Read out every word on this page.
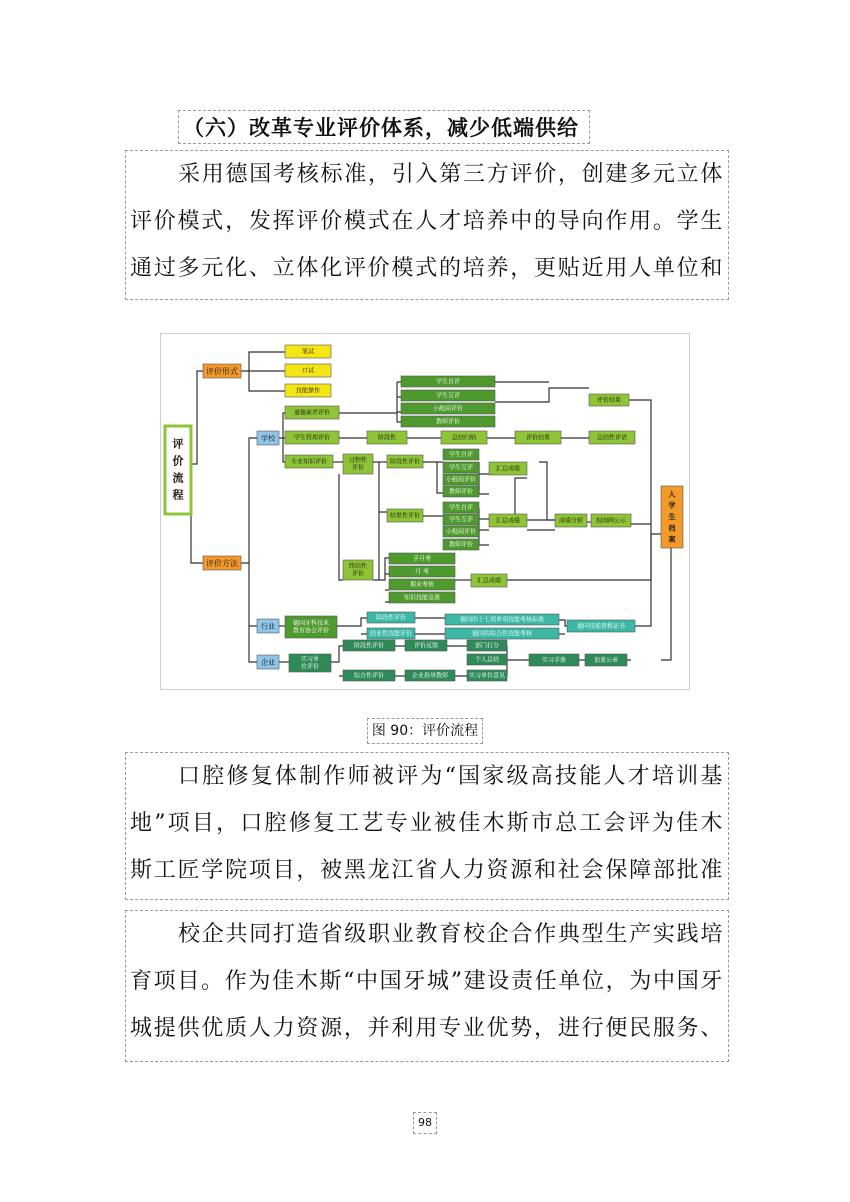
（六）改革专业评价体系，减少低端供给
采用德国考核标准，引入第三方评价，创建多元立体评价模式，发挥评价模式在人才培养中的导向作用。学生通过多元化、立体化评价模式的培养，更贴近用人单位和
评
价
流
程
评价形式
评价方法
笔试
口试
技能操作
学校
行业
企业
道德素养评价
学生管理评价
专业知识评价
学生自评
学生互评
小组间评价
教师评价
评价结果
阶段性	总结归纳	评价结果	总结性评语
过程性
评价
阶段性评价
学生自评
学生互评
小组间评价
教师评价
汇总成绩
结果性评价
学生自评
学生互评
小组间评价
教师评价
汇总成绩	成绩分析 校园网公示
入
学
生
档
案
终结性
评价
手月考
月 考
期末考核
知识技能竞赛
汇总成绩
德国牙科技术
教育协会评价
阶段性评价
结业性技能评价
德国的十七项单项技能考核标准
德国的综合性技能考核
德国技能资格证书
实习单
位评价
阶段性评价	评价反馈	部门打分
个人总结	实习手册	加盖公章
综合性评价	企业指导教师	实习单位意见
图 90：评价流程
口腔修复体制作师被评为“国家级高技能人才培训基地”项目，口腔修复工艺专业被佳木斯市总工会评为佳木斯工匠学院项目，被黑龙江省人力资源和社会保障部批准
校企共同打造省级职业教育校企合作典型生产实践培育项目。作为佳木斯“中国牙城”建设责任单位，为中国牙城提供优质人力资源，并利用专业优势，进行便民服务、
98
